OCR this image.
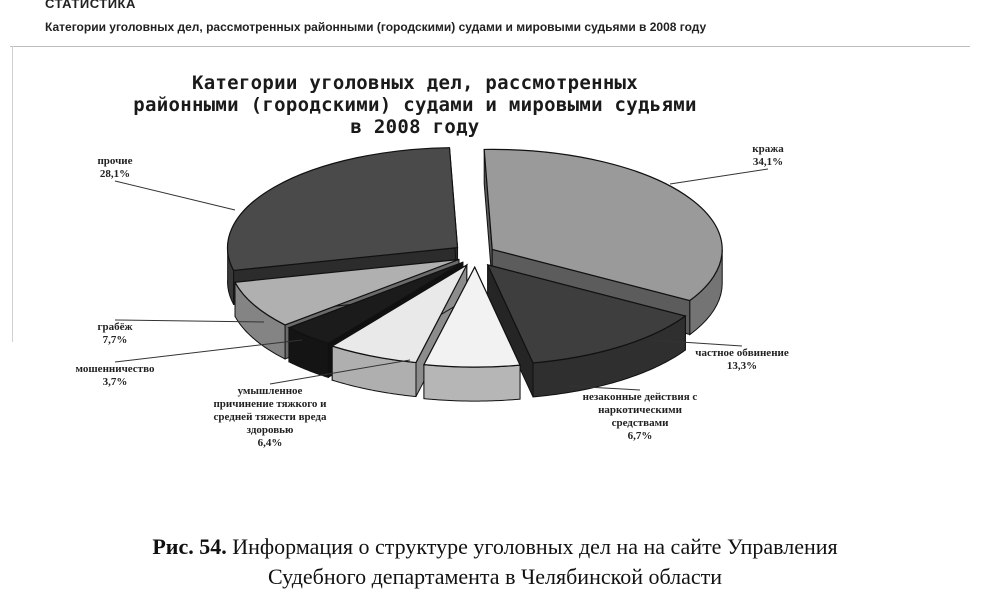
СТАТИСТИКА
Категории уголовных дел, рассмотренных районными (городскими) судами и мировыми судьями в 2008 году
кража 34,1%
частное обвинение 13,3%
незаконные действия с наркотическими средствами 6,7%
умышленное причинение тяжкого и средней тяжести вреда здоровью 6,4%
мошенничество 3,7%
грабёж 7,7%
прочие 28,1%
Категории уголовных дел, рассмотренных
районными (городскими) судами и мировыми судьями
в 2008 году
Рис. 54. Информация о структуре уголовных дел на на сайте Управления
Судебного департамента в Челябинской области
